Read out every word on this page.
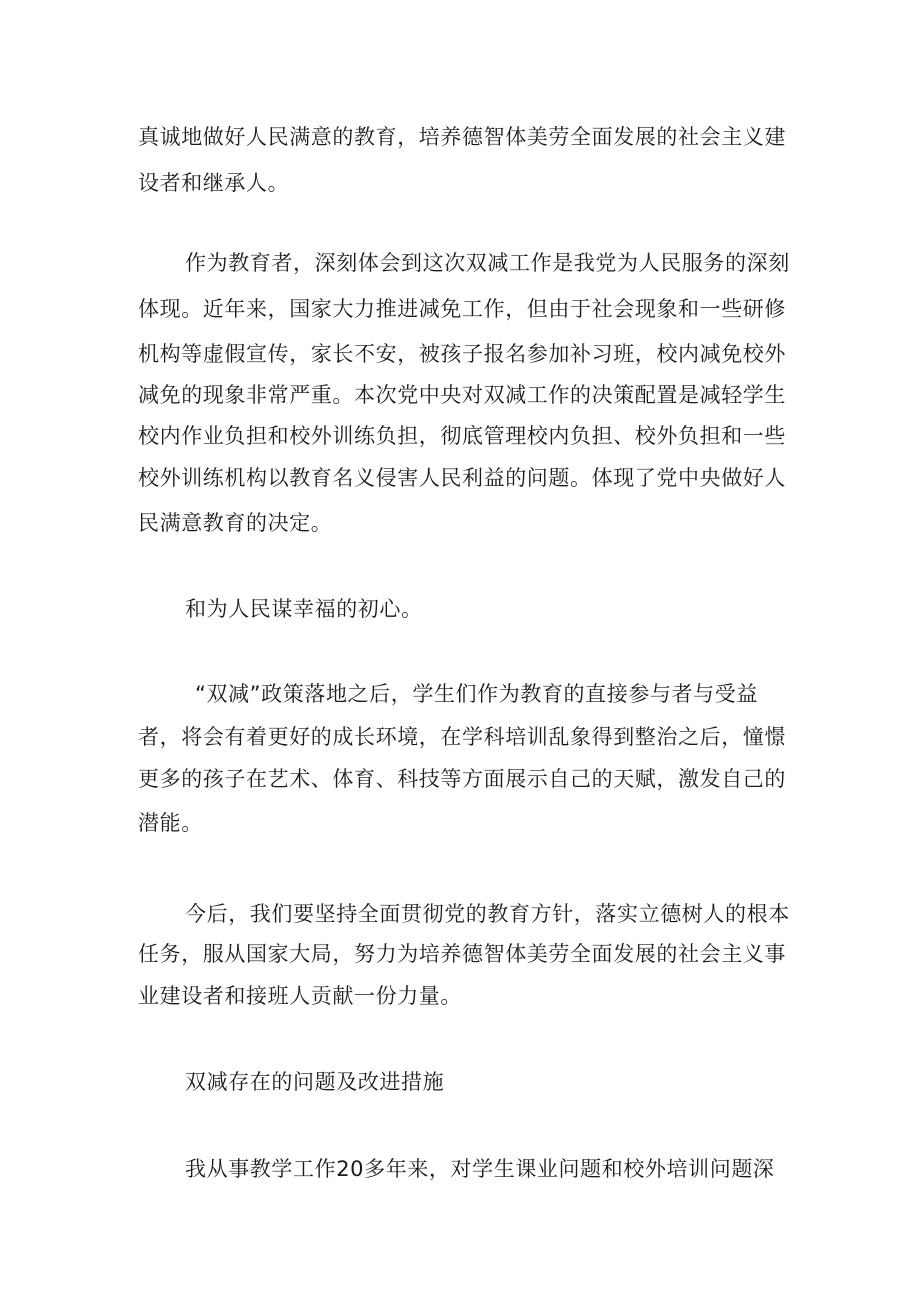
真诚地做好人民满意的教育，培养德智体美劳全面发展的社会主义建
设者和继承人。
作为教育者，深刻体会到这次双减工作是我党为人民服务的深刻
体现。近年来，国家大力推进减免工作，但由于社会现象和一些研修
机构等虚假宣传，家长不安，被孩子报名参加补习班，校内减免校外
减免的现象非常严重。本次党中央对双减工作的决策配置是减轻学生
校内作业负担和校外训练负担，彻底管理校内负担、校外负担和一些
校外训练机构以教育名义侵害人民利益的问题。体现了党中央做好人
民满意教育的决定。
和为人民谋幸福的初心。
“双减”政策落地之后，学生们作为教育的直接参与者与受益
者，将会有着更好的成长环境，在学科培训乱象得到整治之后，憧憬
更多的孩子在艺术、体育、科技等方面展示自己的天赋，激发自己的
潜能。
今后，我们要坚持全面贯彻党的教育方针，落实立德树人的根本
任务，服从国家大局，努力为培养德智体美劳全面发展的社会主义事
业建设者和接班人贡献一份力量。
双减存在的问题及改进措施
我从事教学工作20多年来，对学生课业问题和校外培训问题深
